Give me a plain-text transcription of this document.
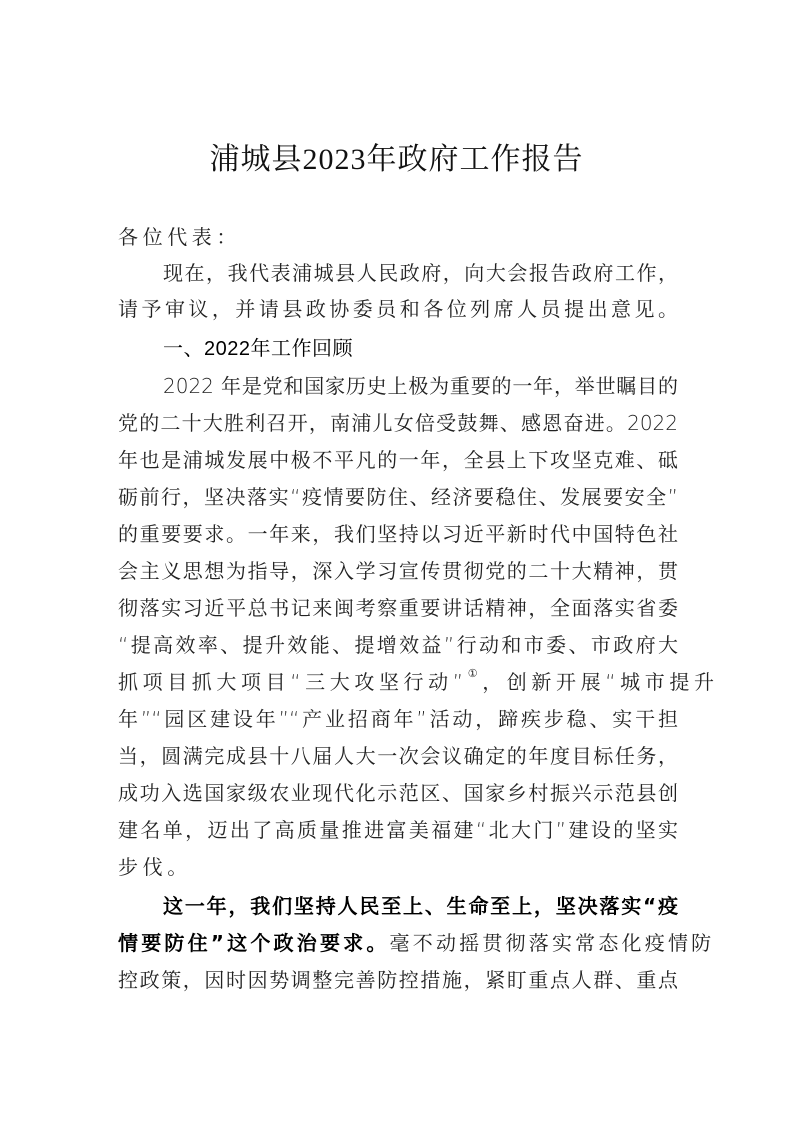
浦城县2023年政府工作报告
各位代表：
现在，我代表浦城县人民政府，向大会报告政府工作，
请予审议，并请县政协委员和各位列席人员提出意见。
一、2022年工作回顾
2022 年是党和国家历史上极为重要的一年，举世瞩目的
党的二十大胜利召开，南浦儿女倍受鼓舞、感恩奋进。2022
年也是浦城发展中极不平凡的一年，全县上下攻坚克难、砥
砺前行，坚决落实“疫情要防住、经济要稳住、发展要安全”
的重要要求。一年来，我们坚持以习近平新时代中国特色社
会主义思想为指导，深入学习宣传贯彻党的二十大精神，贯
彻落实习近平总书记来闽考察重要讲话精神，全面落实省委
“提高效率、提升效能、提增效益”行动和市委、市政府大
抓项目抓大项目“三大攻坚行动”①，创新开展“城市提升
年”“园区建设年”“产业招商年”活动，蹄疾步稳、实干担
当，圆满完成县十八届人大一次会议确定的年度目标任务，
成功入选国家级农业现代化示范区、国家乡村振兴示范县创
建名单，迈出了高质量推进富美福建“北大门”建设的坚实
步伐。
这一年，我们坚持人民至上、生命至上，坚决落实“疫
情要防住”这个政治要求。毫不动摇贯彻落实常态化疫情防
控政策，因时因势调整完善防控措施，紧盯重点人群、重点
